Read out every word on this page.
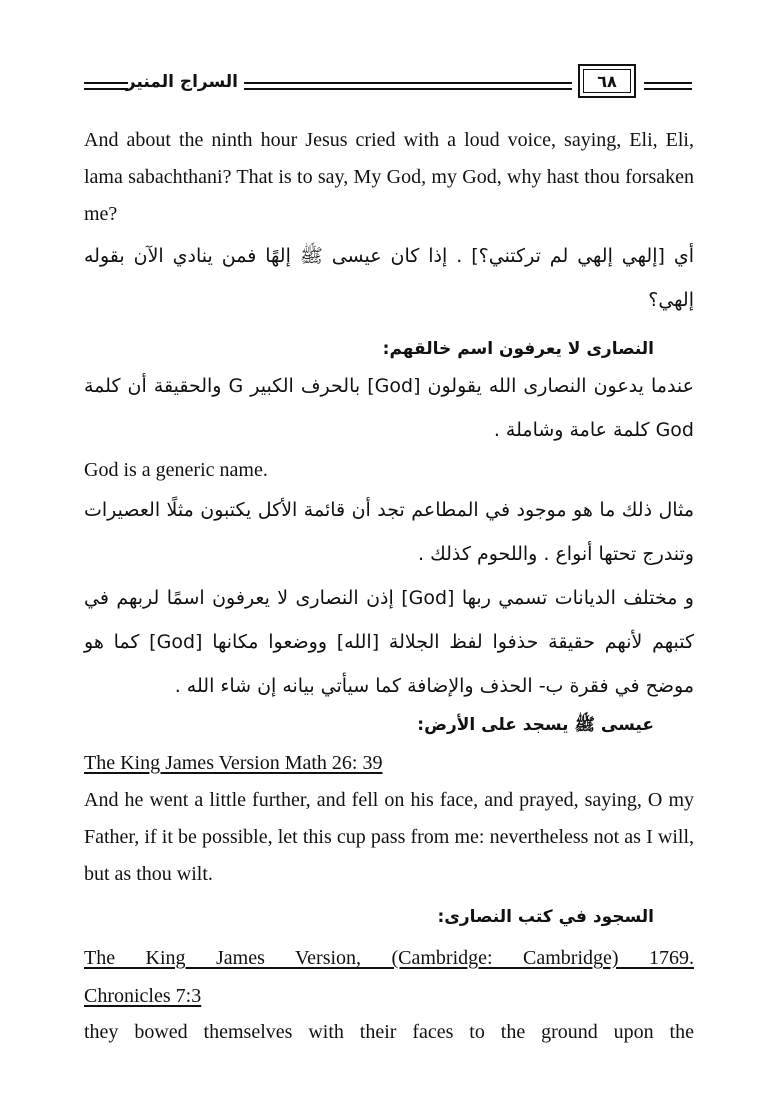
السراج المنير	٦٨
And about the ninth hour Jesus cried with a loud voice, saying, Eli, Eli, lama sabachthani? That is to say, My God, my God, why hast thou forsaken me?
أي [إلهي إلهي لم تركتني؟] . إذا كان عيسى ﷺ إلهًا فمن ينادي الآن بقوله إلهي؟
النصارى لا يعرفون اسم خالقهم:
عندما يدعون النصارى الله يقولون [God] بالحرف الكبير G والحقيقة أن كلمة God كلمة عامة وشاملة .
God is a generic name.
مثال ذلك ما هو موجود في المطاعم تجد أن قائمة الأكل يكتبون مثلًا العصيرات وتندرج تحتها أنواع . واللحوم كذلك .
و مختلف الديانات تسمي ربها [God] إذن النصارى لا يعرفون اسمًا لربهم في كتبهم لأنهم حقيقة حذفوا لفظ الجلالة [الله] ووضعوا مكانها [God] كما هو موضح في فقرة ب- الحذف والإضافة كما سيأتي بيانه إن شاء الله .
عيسى ﷺ يسجد على الأرض:
The King James Version Math 26: 39
And he went a little further, and fell on his face, and prayed, saying, O my Father, if it be possible, let this cup pass from me: nevertheless not as I will, but as thou wilt.
السجود في كتب النصارى:
The King James Version, (Cambridge: Cambridge) 1769.
Chronicles 7:3
they bowed themselves with their faces to the ground upon the
